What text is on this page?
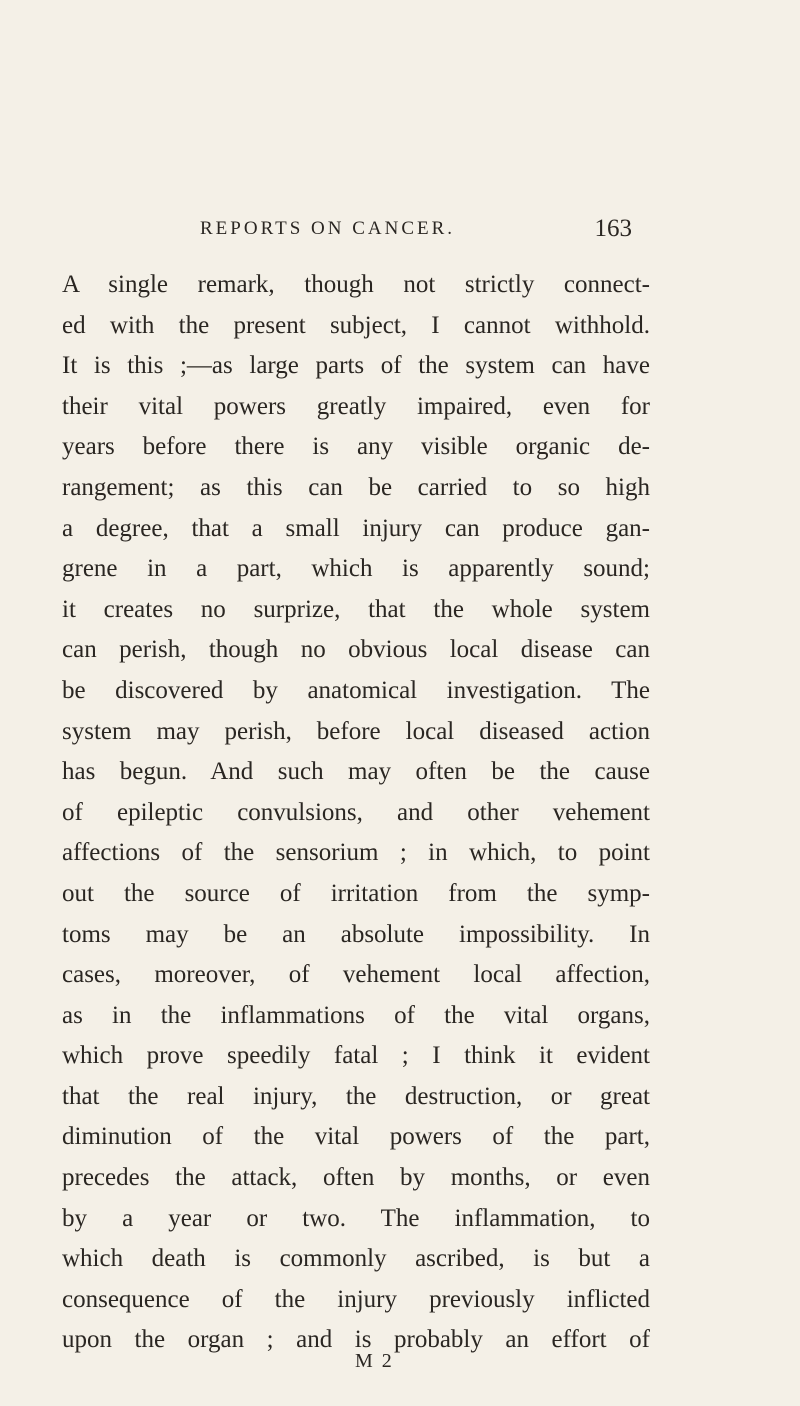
REPORTS ON CANCER.	163
A single remark, though not strictly connect-
ed with the present subject, I cannot withhold.
It is this ;—as large parts of the system can have
their vital powers greatly impaired, even for
years before there is any visible organic de-
rangement; as this can be carried to so high
a degree, that a small injury can produce gan-
grene in a part, which is apparently sound;
it creates no surprize, that the whole system
can perish, though no obvious local disease can
be discovered by anatomical investigation. The
system may perish, before local diseased action
has begun. And such may often be the cause
of epileptic convulsions, and other vehement
affections of the sensorium ; in which, to point
out the source of irritation from the symp-
toms may be an absolute impossibility. In
cases, moreover, of vehement local affection,
as in the inflammations of the vital organs,
which prove speedily fatal ; I think it evident
that the real injury, the destruction, or great
diminution of the vital powers of the part,
precedes the attack, often by months, or even
by a year or two. The inflammation, to
which death is commonly ascribed, is but a
consequence of the injury previously inflicted
upon the organ ; and is probably an effort of
M 2
